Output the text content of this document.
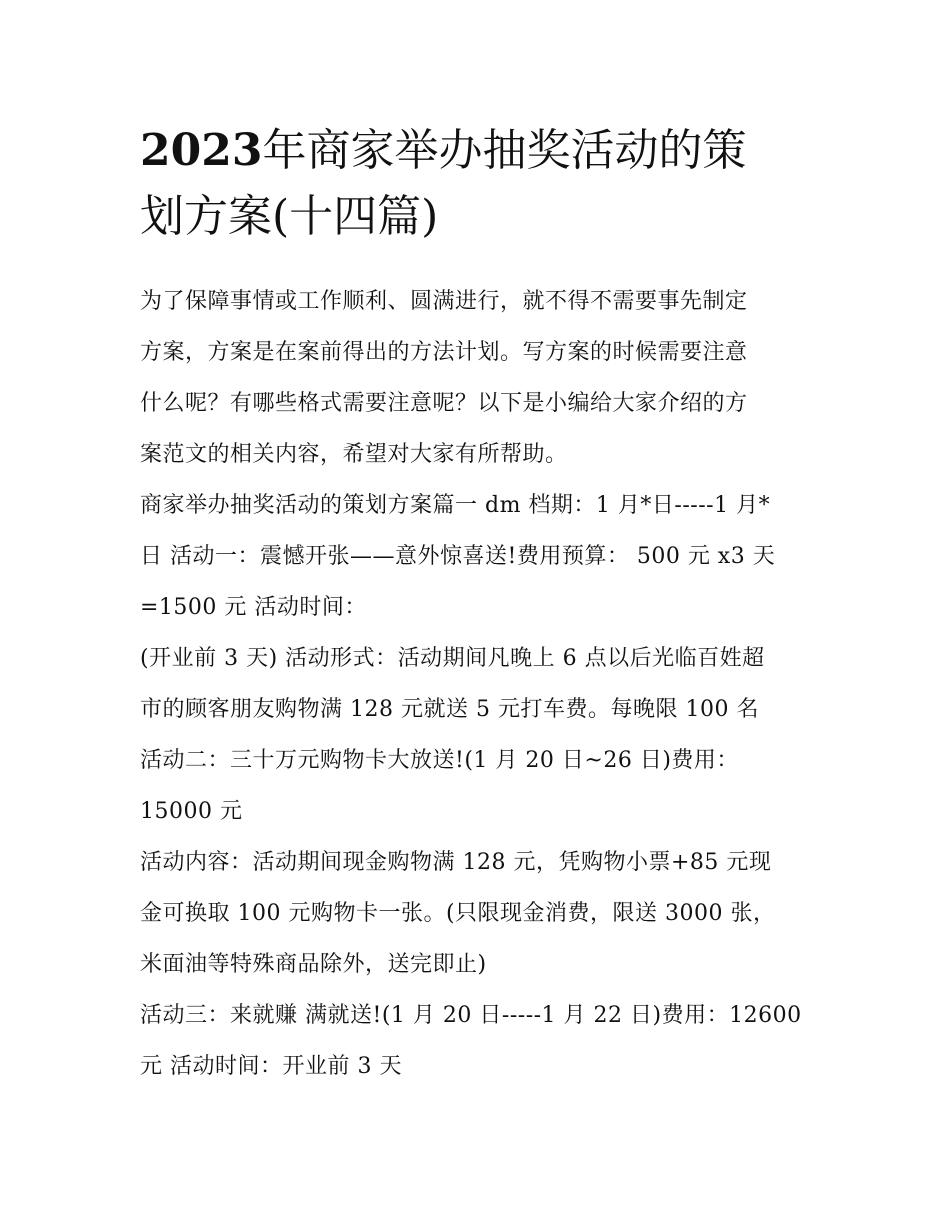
2023年商家举办抽奖活动的策
划方案(十四篇)

为了保障事情或工作顺利、圆满进行，就不得不需要事先制定
方案，方案是在案前得出的方法计划。写方案的时候需要注意
什么呢？有哪些格式需要注意呢？以下是小编给大家介绍的方
案范文的相关内容，希望对大家有所帮助。

商家举办抽奖活动的策划方案篇一 dm 档期：1 月*日-----1 月*
日 活动一：震憾开张——意外惊喜送!费用预算： 500 元 x3 天
=1500 元 活动时间：

(开业前 3 天) 活动形式：活动期间凡晚上 6 点以后光临百姓超
市的顾客朋友购物满 128 元就送 5 元打车费。每晚限 100 名

活动二：三十万元购物卡大放送!(1 月 20 日~26 日)费用：
15000 元

活动内容：活动期间现金购物满 128 元，凭购物小票+85 元现
金可换取 100 元购物卡一张。(只限现金消费，限送 3000 张，
米面油等特殊商品除外，送完即止)

活动三：来就赚 满就送!(1 月 20 日-----1 月 22 日)费用：12600
元 活动时间：开业前 3 天
